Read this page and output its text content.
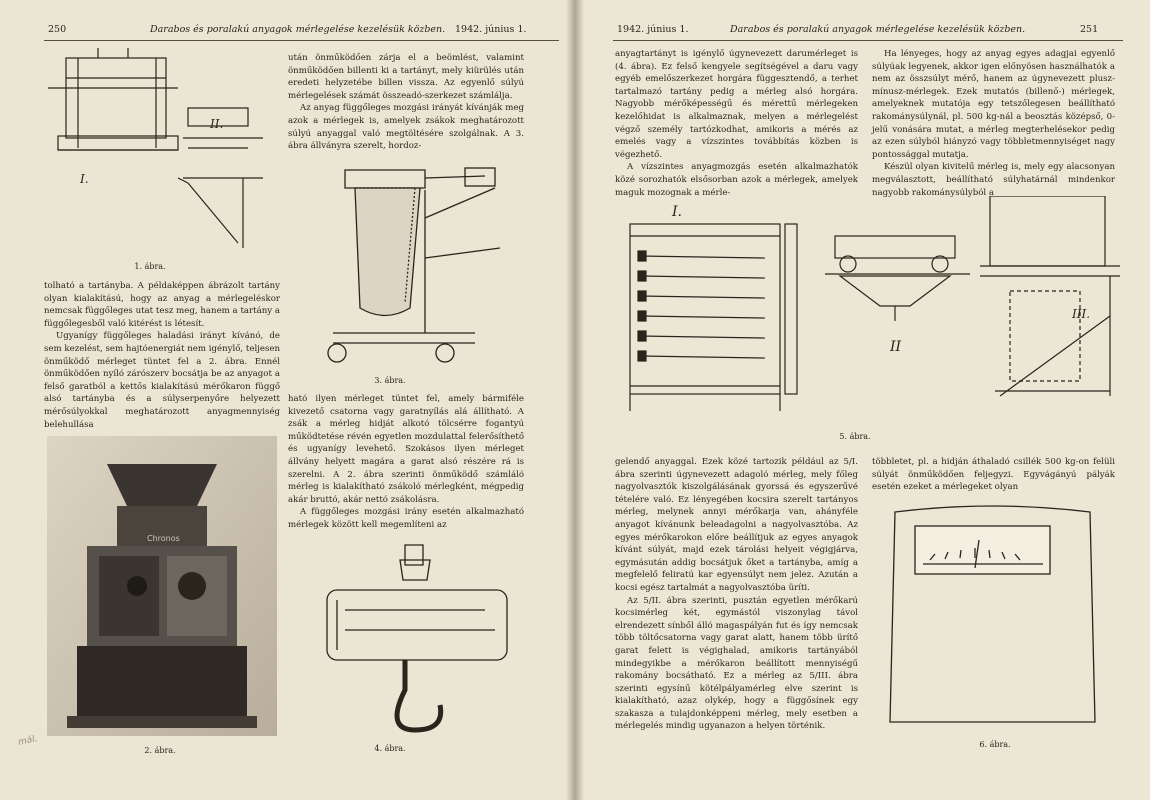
250	Darabos és poralakú anyagok mérlegelése kezelésük közben. 1942. június 1.
I.
II.
1. ábra.

tolható a tartányba. A példaképpen ábrázolt tartány olyan kialakítású, hogy az anyag a mérlegeléskor nemcsak függőleges utat tesz meg, hanem a tartány a függőlegesből való kitérést is létesít.

Ugyanígy függőleges haladási irányt kívánó, de sem kezelést, sem hajtóenergiát nem igénylő, teljesen önműködő mérleget tüntet fel a 2. ábra. Ennél önműködően nyíló zárószerv bocsátja be az anyagot a felső garatból a kettős kialakítású mérőkaron függő alsó tartányba és a súlyserpenyőre helyezett mérősúlyokkal meghatározott anyagmennyiség belehullása

Chronos
2. ábra.
mál.

után önműködően zárja el a beömlést, valamint önműködően billenti ki a tartányt, mely kiürülés után eredeti helyzetébe billen vissza. Az egyenlő súlyú mérlegelések számát összeadó-szerkezet számlálja.

Az anyag függőleges mozgási irányát kívánják meg azok a mérlegek is, amelyek zsákok meghatározott súlyú anyaggal való megtöltésére szolgálnak. A 3. ábra állványra szerelt, hordoz-

3. ábra.

ható ilyen mérleget tüntet fel, amely bármiféle kivezető csatorna vagy garatnyílás alá állítható. A zsák a mérleg hidját alkotó tölcsérre fogantyú működtetése révén egyetlen mozdulattal felerősíthető és ugyanígy levehető. Szokásos ilyen mérleget állvány helyett magára a garat alsó részére rá is szerelni. A 2. ábra szerinti önműködő számláló mérleg is kialakítható zsákoló mérlegként, mégpedig akár bruttó, akár nettó zsákolásra.

A függőleges mozgási irány esetén alkalmazható mérlegek között kell megemlíteni az

4. ábra.
1942. június 1.	Darabos és poralakú anyagok mérlegelése kezelésük közben.	251

anyagtartányt is igénylő úgynevezett darumérleget is (4. ábra). Ez felső kengyele segítségével a daru vagy egyéb emelőszerkezet horgára függesztendő, a terhet tartalmazó tartány pedig a mérleg alsó horgára. Nagyobb mérőképességű és mérettű mérlegeken kezelőhidat is alkalmaznak, melyen a mérlegelést végző személy tartózkodhat, amikoris a mérés az emelés vagy a vízszintes továbbítás közben is végezhető.

A vízszintes anyagmozgás esetén alkalmazhatók közé sorozhatók elsősorban azok a mérlegek, amelyek maguk mozognak a mérle-

Ha lényeges, hogy az anyag egyes adagjai egyenlő súlyúak legyenek, akkor igen előnyösen használhatók a nem az összsúlyt mérő, hanem az úgynevezett plusz-mínusz-mérlegek. Ezek mutatós (billenő-) mérlegek, amelyeknek mutatója egy tetszőlegesen beállítható rakománysúlynál, pl. 500 kg-nál a beosztás középső, 0-jelű vonására mutat, a mérleg megterhelésekor pedig az ezen súlyból hiányzó vagy többletmennyiséget nagy pontossággal mutatja.

Készül olyan kivitelű mérleg is, mely egy alacsonyan megválasztott, beállítható súlyhatárnál mindenkor nagyobb rakománysúlyból a

I.
II
III.
5. ábra.

gelendő anyaggal. Ezek közé tartozik például az 5/I. ábra szerinti úgynevezett adagoló mérleg, mely főleg nagyolvasztók kiszolgálásának gyorssá és egyszerűvé tételére való. Ez lényegében kocsira szerelt tartányos mérleg, melynek annyi mérőkarja van, ahányféle anyagot kívánunk beleadagolni a nagyolvasztóba. Az egyes mérőkarokon előre beállítjuk az egyes anyagok kívánt súlyát, majd ezek tárolási helyeit végigjárva, egymásután addig bocsátjuk őket a tartányba, amíg a megfelelő feliratú kar egyensúlyt nem jelez. Azután a kocsi egész tartalmát a nagyolvasztóba üríti.

Az 5/II. ábra szerinti, pusztán egyetlen mérőkarú kocsimérleg két, egymástól viszonylag távol elrendezett sínből álló magaspályán fut és így nemcsak több töltőcsatorna vagy garat alatt, hanem több ürítő garat felett is végighalad, amikoris tartányából mindegyikbe a mérőkaron beállított mennyiségű rakomány bocsátható. Ez a mérleg az 5/III. ábra szerinti egysínű kötélpályamérleg elve szerint is kialakítható, azaz olykép, hogy a függősínek egy szakasza a tulajdonképpeni mérleg, mely esetben a mérlegelés mindig ugyanazon a helyen történik.

többletet, pl. a hidján áthaladó csillék 500 kg-on felüli súlyát önműködően feljegyzi. Egyvágányú pályák esetén ezeket a mérlegeket olyan

6. ábra.
